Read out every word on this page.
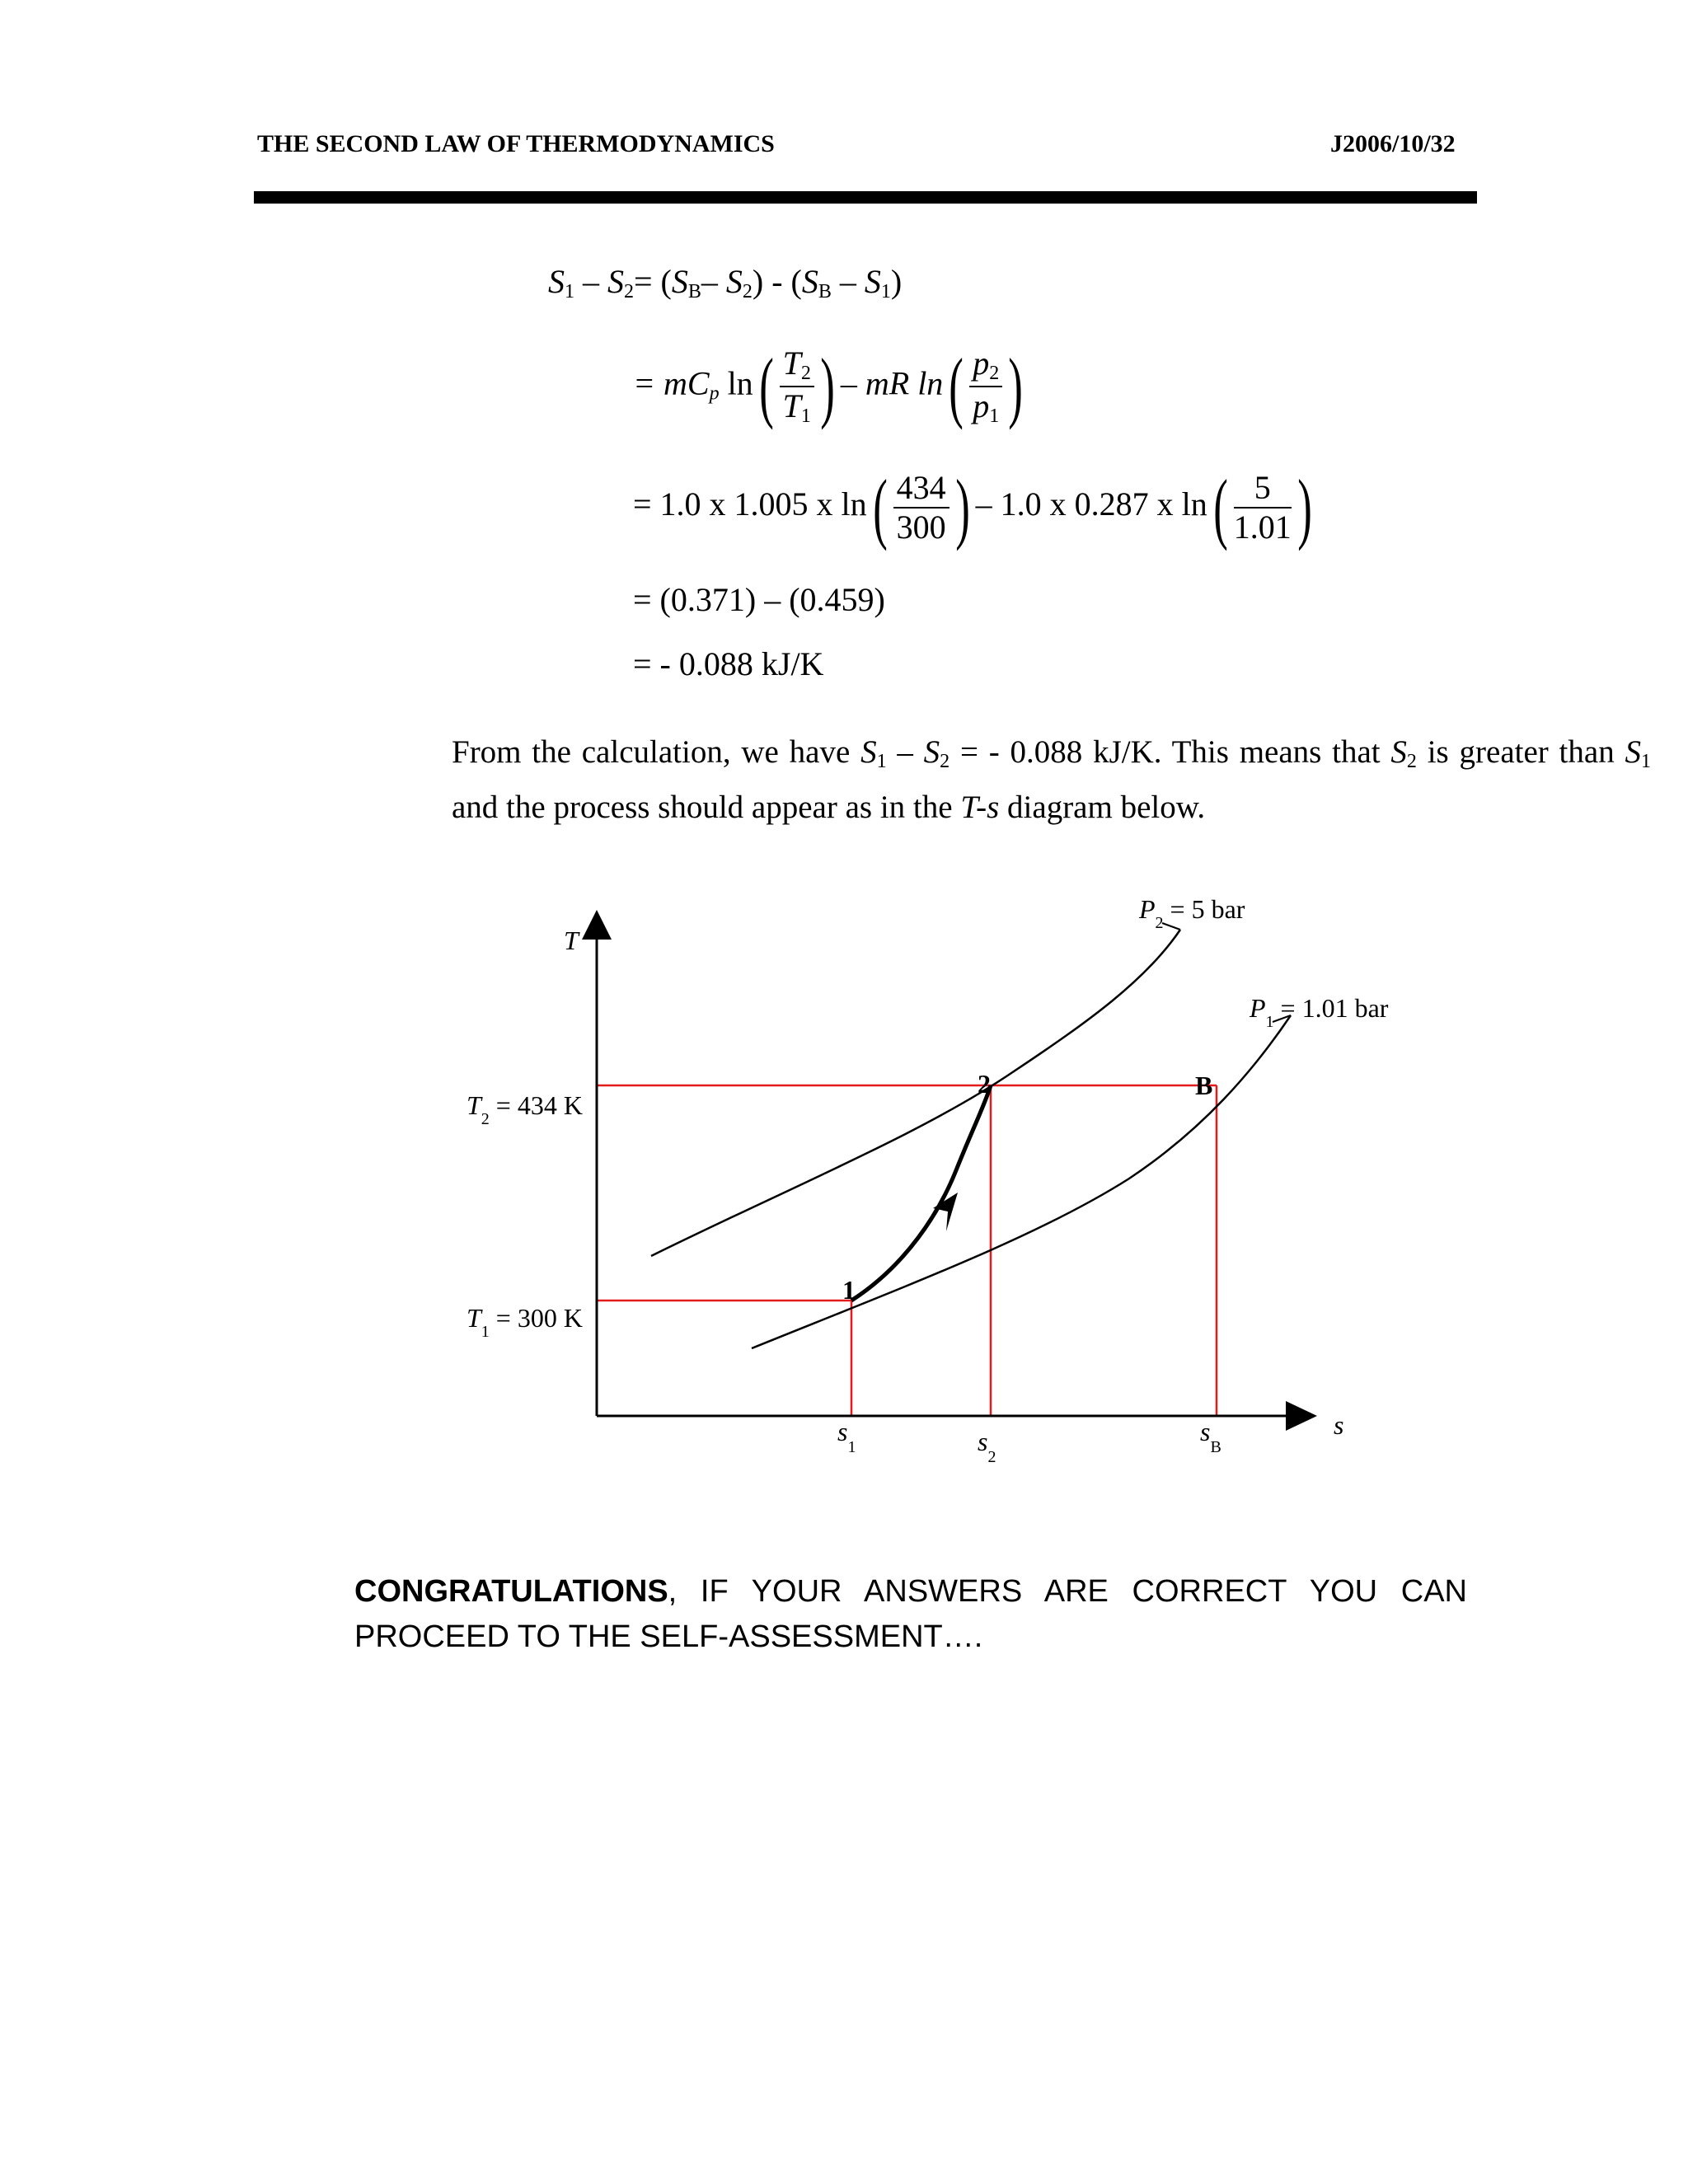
THE SECOND LAW OF THERMODYNAMICS	J2006/10/32
$S_1 - S_2= (S_B-$ $S_2) - (S_B - S_1)$
= $mC_p$ $\ln( \frac{T_2}{T_1}$ ) – mR $\ln( \frac{p_2}{p_1}$ )
= 1.0 x 1.005 x $\ln( \frac{434}{300}$ ) – 1.0 x 0.287 x $\ln( \frac{5}{1.01}$ )
= (0.371) – (0.459)
= - 0.088 kJ/K
From the calculation, we have $S_1 - S_2$ = - 0.088 kJ/K. This means that $S_2$ is greater than $S_1$ and the process should appear as in the T-s diagram below.
T
s
$T_2 = 434$ K
$T_1 = 300$ K
$s_1$	$s_2$
$s_B$
1
2	B
$P_2 = 5$ bar
$P_1 = 1.01$ bar
CONGRATULATIONS, IF YOUR ANSWERS ARE CORRECT YOU CAN PROCEED TO THE SELF-ASSESSMENT….
